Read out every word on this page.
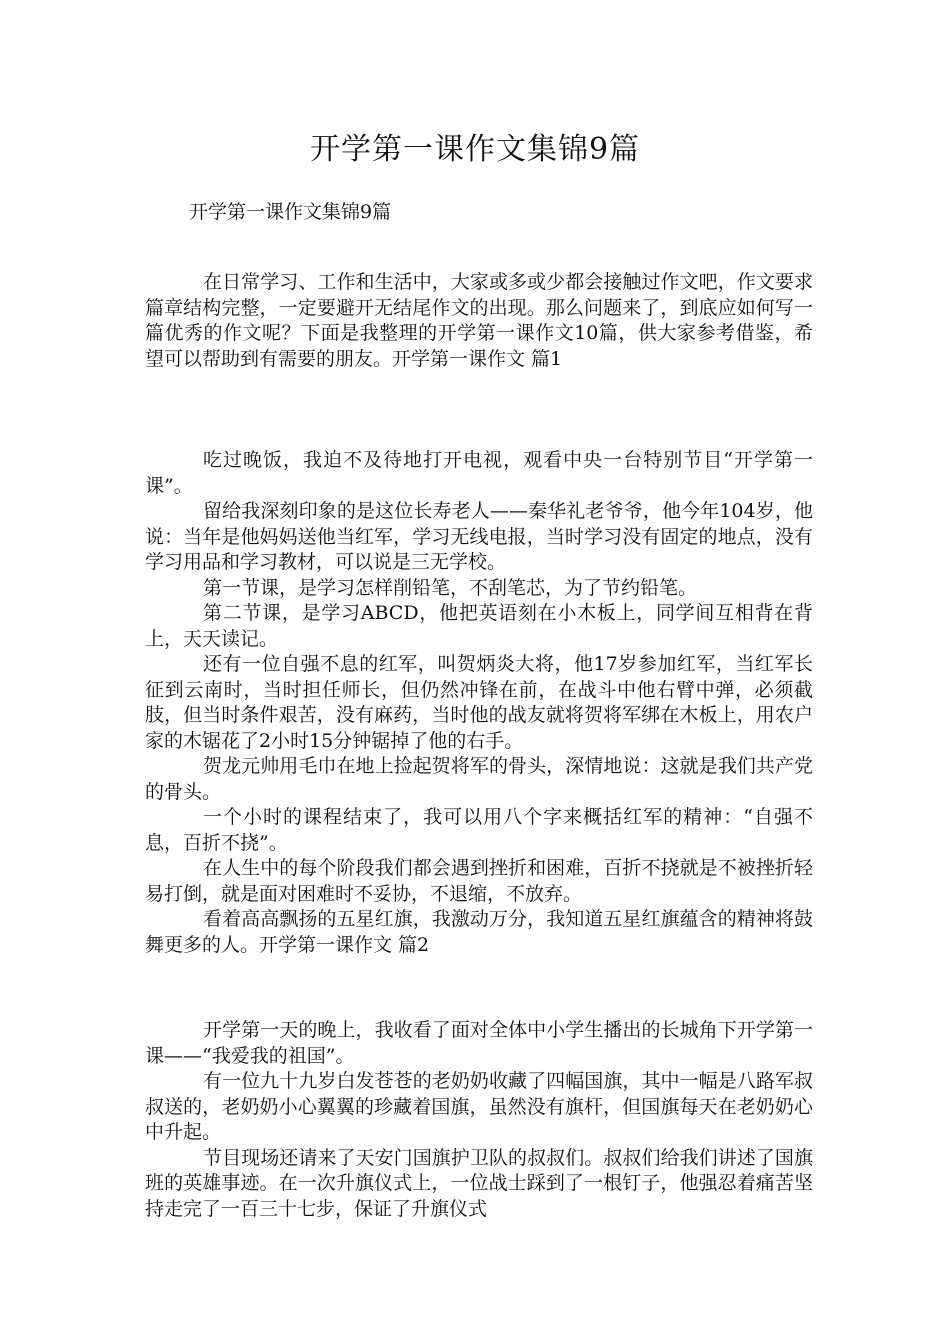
开学第一课作文集锦9篇
开学第一课作文集锦9篇

在日常学习、工作和生活中，大家或多或少都会接触过作文吧，作文要求篇章结构完整，一定要避开无结尾作文的出现。那么问题来了，到底应如何写一篇优秀的作文呢？下面是我整理的开学第一课作文10篇，供大家参考借鉴，希望可以帮助到有需要的朋友。开学第一课作文 篇1

吃过晚饭，我迫不及待地打开电视，观看中央一台特别节目“开学第一课”。

留给我深刻印象的是这位长寿老人——秦华礼老爷爷，他今年104岁，他说：当年是他妈妈送他当红军，学习无线电报，当时学习没有固定的地点，没有学习用品和学习教材，可以说是三无学校。

第一节课，是学习怎样削铅笔，不刮笔芯，为了节约铅笔。

第二节课，是学习ABCD，他把英语刻在小木板上，同学间互相背在背上，天天读记。

还有一位自强不息的红军，叫贺炳炎大将，他17岁参加红军，当红军长征到云南时，当时担任师长，但仍然冲锋在前，在战斗中他右臂中弹，必须截肢，但当时条件艰苦，没有麻药，当时他的战友就将贺将军绑在木板上，用农户家的木锯花了2小时15分钟锯掉了他的右手。

贺龙元帅用毛巾在地上捡起贺将军的骨头，深情地说：这就是我们共产党的骨头。

一个小时的课程结束了，我可以用八个字来概括红军的精神：“自强不息，百折不挠”。

在人生中的每个阶段我们都会遇到挫折和困难，百折不挠就是不被挫折轻易打倒，就是面对困难时不妥协，不退缩，不放弃。

看着高高飘扬的五星红旗，我激动万分，我知道五星红旗蕴含的精神将鼓舞更多的人。开学第一课作文 篇2

开学第一天的晚上，我收看了面对全体中小学生播出的长城角下开学第一课——“我爱我的祖国”。

有一位九十九岁白发苍苍的老奶奶收藏了四幅国旗，其中一幅是八路军叔叔送的，老奶奶小心翼翼的珍藏着国旗，虽然没有旗杆，但国旗每天在老奶奶心中升起。

节目现场还请来了天安门国旗护卫队的叔叔们。叔叔们给我们讲述了国旗班的英雄事迹。在一次升旗仪式上，一位战士踩到了一根钉子，他强忍着痛苦坚持走完了一百三十七步，保证了升旗仪式
